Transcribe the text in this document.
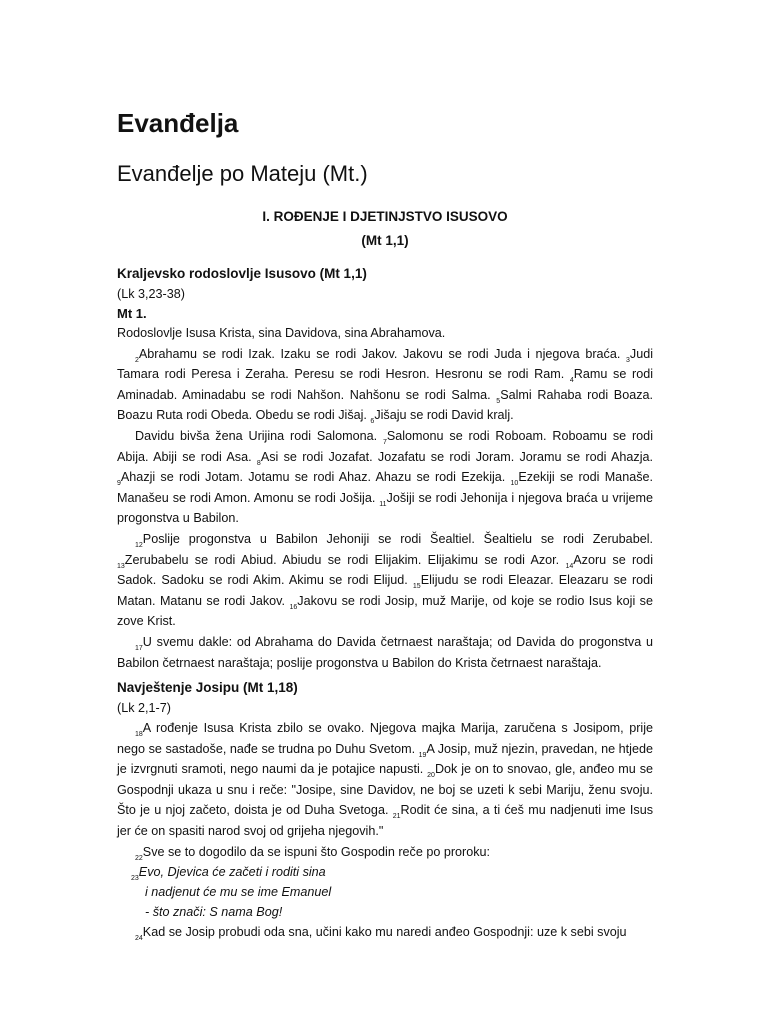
Evanđelja
Evanđelje po Mateju (Mt.)

I. ROĐENJE I DJETINJSTVO ISUSOVO

(Mt 1,1)

Kraljevsko rodoslovlje Isusovo (Mt 1,1)

(Lk 3,23-38)

Mt 1.

Rodoslovlje Isusa Krista, sina Davidova, sina Abrahamova.

$_2$Abrahamu se rodi Izak. Izaku se rodi Jakov. Jakovu se rodi Juda i njegova braća. $_3$Judi Tamara rodi Peresa i Zeraha. Peresu se rodi Hesron. Hesronu se rodi Ram. $_4$Ramu se rodi Aminadab. Aminadabu se rodi Nahšon. Nahšonu se rodi Salma. $_5$Salmi Rahaba rodi Boaza. Boazu Ruta rodi Obeda. Obedu se rodi Jišaj. $_6$Jišaju se rodi David kralj.

Davidu bivša žena Urijina rodi Salomona. $_7$Salomonu se rodi Roboam. Roboamu se rodi Abija. Abiji se rodi Asa. $_8$Asi se rodi Jozafat. Jozafatu se rodi Joram. Joramu se rodi Ahazja. $_9$Ahazji se rodi Jotam. Jotamu se rodi Ahaz. Ahazu se rodi Ezekija. $_{10}$Ezekiji se rodi Manaše. Manašeu se rodi Amon. Amonu se rodi Jošija. $_{11}$Jošiji se rodi Jehonija i njegova braća u vrijeme progonstva u Babilon.

$_{12}$Poslije progonstva u Babilon Jehoniji se rodi Šealtiel. Šealtielu se rodi Zerubabel. $_{13}$Zerubabelu se rodi Abiud. Abiudu se rodi Elijakim. Elijakimu se rodi Azor. $_{14}$Azoru se rodi Sadok. Sadoku se rodi Akim. Akimu se rodi Elijud. $_{15}$Elijudu se rodi Eleazar. Eleazaru se rodi Matan. Matanu se rodi Jakov. $_{16}$Jakovu se rodi Josip, muž Marije, od koje se rodio Isus koji se zove Krist.

$_{17}$U svemu dakle: od Abrahama do Davida četrnaest naraštaja; od Davida do progonstva u Babilon četrnaest naraštaja; poslije progonstva u Babilon do Krista četrnaest naraštaja.

Navještenje Josipu (Mt 1,18)

(Lk 2,1-7)

$_{18}$A rođenje Isusa Krista zbilo se ovako. Njegova majka Marija, zaručena s Josipom, prije nego se sastadoše, nađe se trudna po Duhu Svetom. $_{19}$A Josip, muž njezin, pravedan, ne htjede je izvrgnuti sramoti, nego naumi da je potajice napusti. $_{20}$Dok je on to snovao, gle, anđeo mu se Gospodnji ukaza u snu i reče: "Josipe, sine Davidov, ne boj se uzeti k sebi Mariju, ženu svoju. Što je u njoj začeto, doista je od Duha Svetoga. $_{21}$Rodit će sina, a ti ćeš mu nadjenuti ime Isus jer će on spasiti narod svoj od grijeha njegovih."

$_{22}$Sve se to dogodilo da se ispuni što Gospodin reče po proroku:

$_{23}$Evo, Djevica će začeti i roditi sina

i nadjenut će mu se ime Emanuel

- što znači: S nama Bog!

$_{24}$Kad se Josip probudi oda sna, učini kako mu naredi anđeo Gospodnji: uze k sebi svoju
